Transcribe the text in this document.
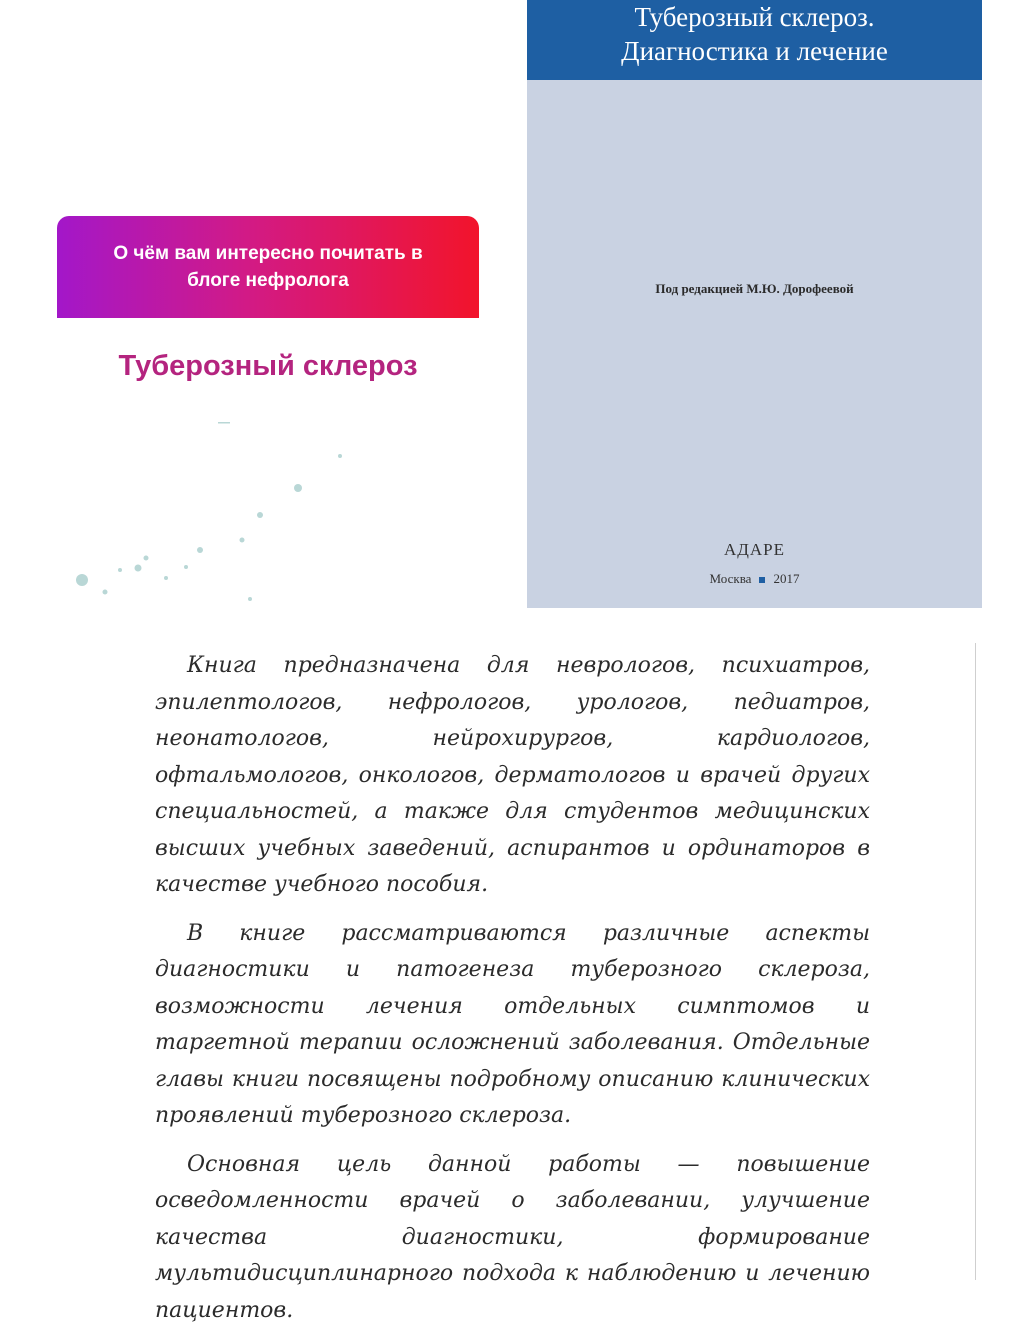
О чём вам интересно почитать в
блоге нефролога
Туберозный склероз
Туберозный склероз.
Диагностика и лечение
Под редакцией М.Ю. Дорофеевой
АДАРЕ
Москва 2017

Книга предназначена для неврологов, психиатров, эпилептологов, нефрологов, урологов, педиатров, неонатологов, нейрохирургов, кардиологов, офтальмологов, онкологов, дерматологов и врачей других специальностей, а также для студентов медицинских высших учебных заведений, аспирантов и ординаторов в качестве учебного пособия.

В книге рассматриваются различные аспекты диагностики и патогенеза туберозного склероза, возможности лечения отдельных симптомов и таргетной терапии осложнений заболевания. Отдельные главы книги посвящены подробному описанию клинических проявлений туберозного склероза.

Основная цель данной работы — повышение осведомленности врачей о заболевании, улучшение качества диагностики, формирование мультидисциплинарного подхода к наблюдению и лечению пациентов.
